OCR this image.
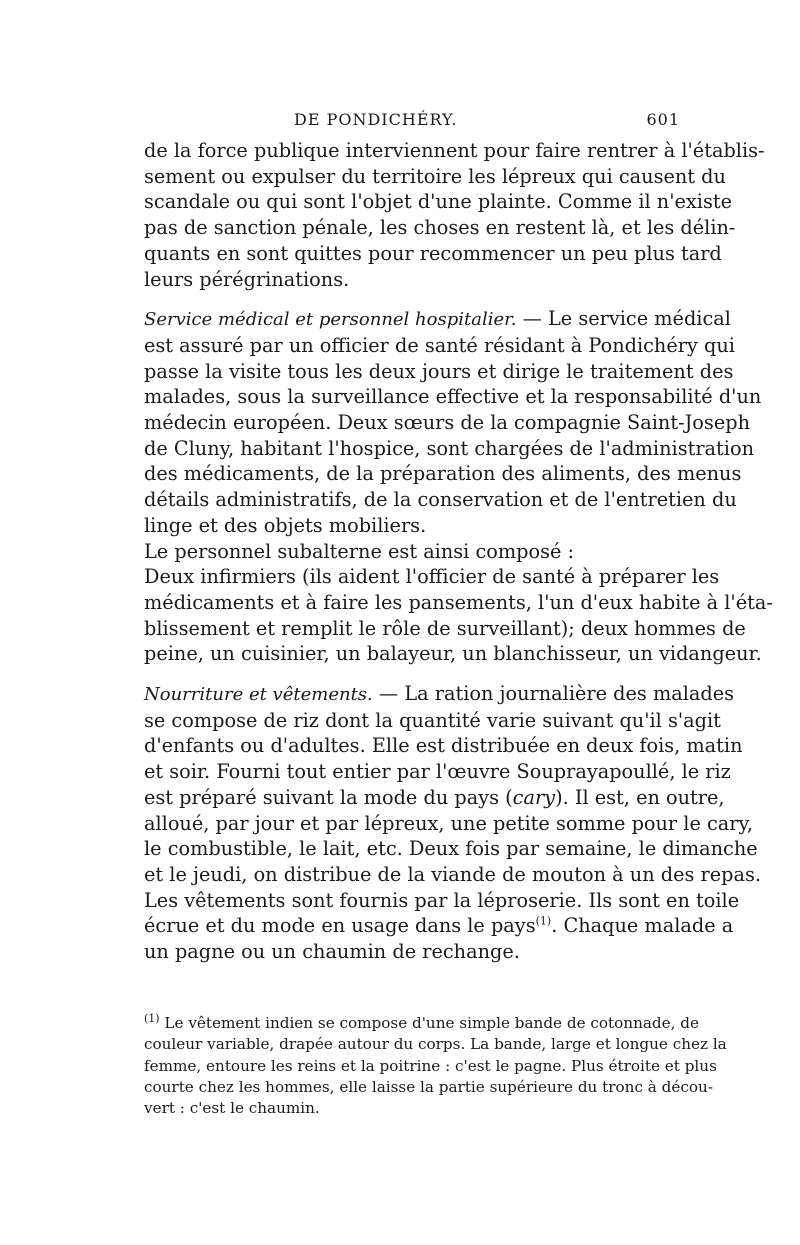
DE PONDICHÉRY.	601

de la force publique interviennent pour faire rentrer à l'établis-
sement ou expulser du territoire les lépreux qui causent du
scandale ou qui sont l'objet d'une plainte. Comme il n'existe
pas de sanction pénale, les choses en restent là, et les délin-
quants en sont quittes pour recommencer un peu plus tard
leurs pérégrinations.

Service médical et personnel hospitalier. — Le service médical
est assuré par un officier de santé résidant à Pondichéry qui
passe la visite tous les deux jours et dirige le traitement des
malades, sous la surveillance effective et la responsabilité d'un
médecin européen. Deux sœurs de la compagnie Saint-Joseph
de Cluny, habitant l'hospice, sont chargées de l'administration
des médicaments, de la préparation des aliments, des menus
détails administratifs, de la conservation et de l'entretien du
linge et des objets mobiliers.

Le personnel subalterne est ainsi composé :

Deux infirmiers (ils aident l'officier de santé à préparer les
médicaments et à faire les pansements, l'un d'eux habite à l'éta-
blissement et remplit le rôle de surveillant); deux hommes de
peine, un cuisinier, un balayeur, un blanchisseur, un vidangeur.

Nourriture et vêtements. — La ration journalière des malades
se compose de riz dont la quantité varie suivant qu'il s'agit
d'enfants ou d'adultes. Elle est distribuée en deux fois, matin
et soir. Fourni tout entier par l'œuvre Souprayapoullé, le riz
est préparé suivant la mode du pays (cary). Il est, en outre,
alloué, par jour et par lépreux, une petite somme pour le cary,
le combustible, le lait, etc. Deux fois par semaine, le dimanche
et le jeudi, on distribue de la viande de mouton à un des repas.

Les vêtements sont fournis par la léproserie. Ils sont en toile
écrue et du mode en usage dans le pays$^{(1)}$. Chaque malade a
un pagne ou un chaumin de rechange.

$^{(1)}$ Le vêtement indien se compose d'une simple bande de cotonnade, de
couleur variable, drapée autour du corps. La bande, large et longue chez la
femme, entoure les reins et la poitrine : c'est le pagne. Plus étroite et plus
courte chez les hommes, elle laisse la partie supérieure du tronc à décou-
vert : c'est le chaumin.
